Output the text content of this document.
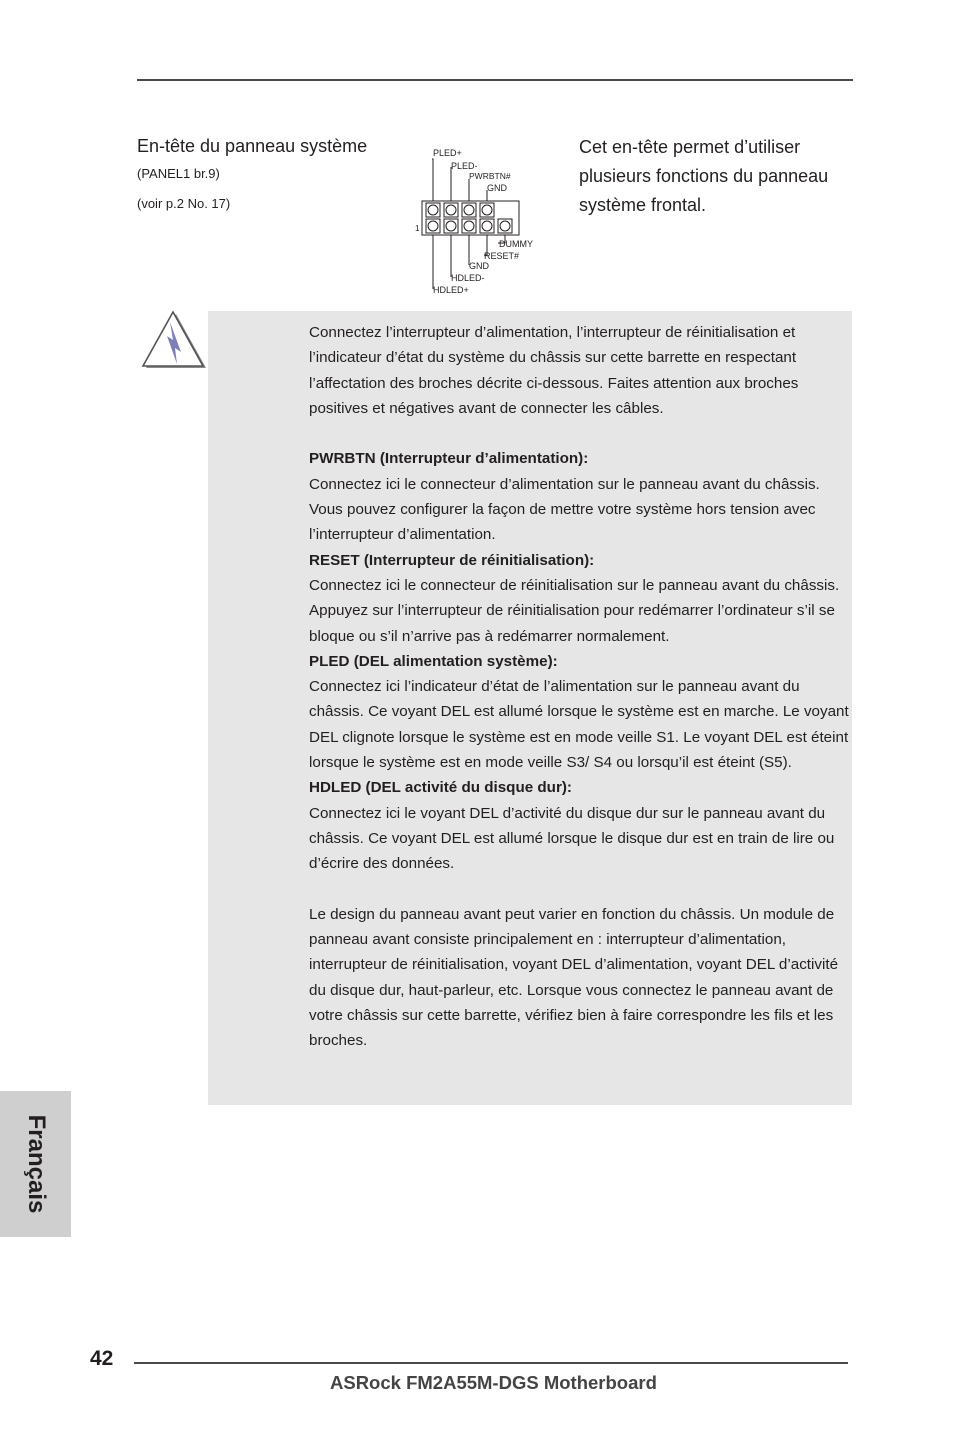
En-tête du panneau système
(PANEL1 br.9)
(voir p.2 No. 17)
Cet en-tête permet d’utiliser plusieurs fonctions du panneau système frontal.
1
PLED+
PLED-
PWRBTN#
GND
DUMMY
RESET#
GND
HDLED-
HDLED+

Connectez l’interrupteur d’alimentation, l’interrupteur de réinitialisation et l’indicateur d’état du système du châssis sur cette barrette en respectant l’affectation des broches décrite ci-dessous. Faites attention aux broches positives et négatives avant de connecter les câbles.

PWRBTN (Interrupteur d’alimentation):

Connectez ici le connecteur d’alimentation sur le panneau avant du châssis. Vous pouvez configurer la façon de mettre votre système hors tension avec l’interrupteur d’alimentation.

RESET (Interrupteur de réinitialisation):

Connectez ici le connecteur de réinitialisation sur le panneau avant du châssis. Appuyez sur l’interrupteur de réinitialisation pour redémarrer l’ordinateur s’il se bloque ou s’il n’arrive pas à redémarrer normalement.

PLED (DEL alimentation système):

Connectez ici l’indicateur d’état de l’alimentation sur le panneau avant du châssis. Ce voyant DEL est allumé lorsque le système est en marche. Le voyant DEL clignote lorsque le système est en mode veille S1. Le voyant DEL est éteint lorsque le système est en mode veille S3/ S4 ou lorsqu’il est éteint (S5).

HDLED (DEL activité du disque dur):

Connectez ici le voyant DEL d’activité du disque dur sur le panneau avant du châssis. Ce voyant DEL est allumé lorsque le disque dur est en train de lire ou d’écrire des données.

Le design du panneau avant peut varier en fonction du châssis. Un module de panneau avant consiste principalement en : interrupteur d’alimentation, interrupteur de réinitialisation, voyant DEL d’alimentation, voyant DEL d’activité du disque dur, haut-parleur, etc. Lorsque vous connectez le panneau avant de votre châssis sur cette barrette, vérifiez bien à faire correspondre les fils et les broches.

Français
42
ASRock FM2A55M-DGS Motherboard
